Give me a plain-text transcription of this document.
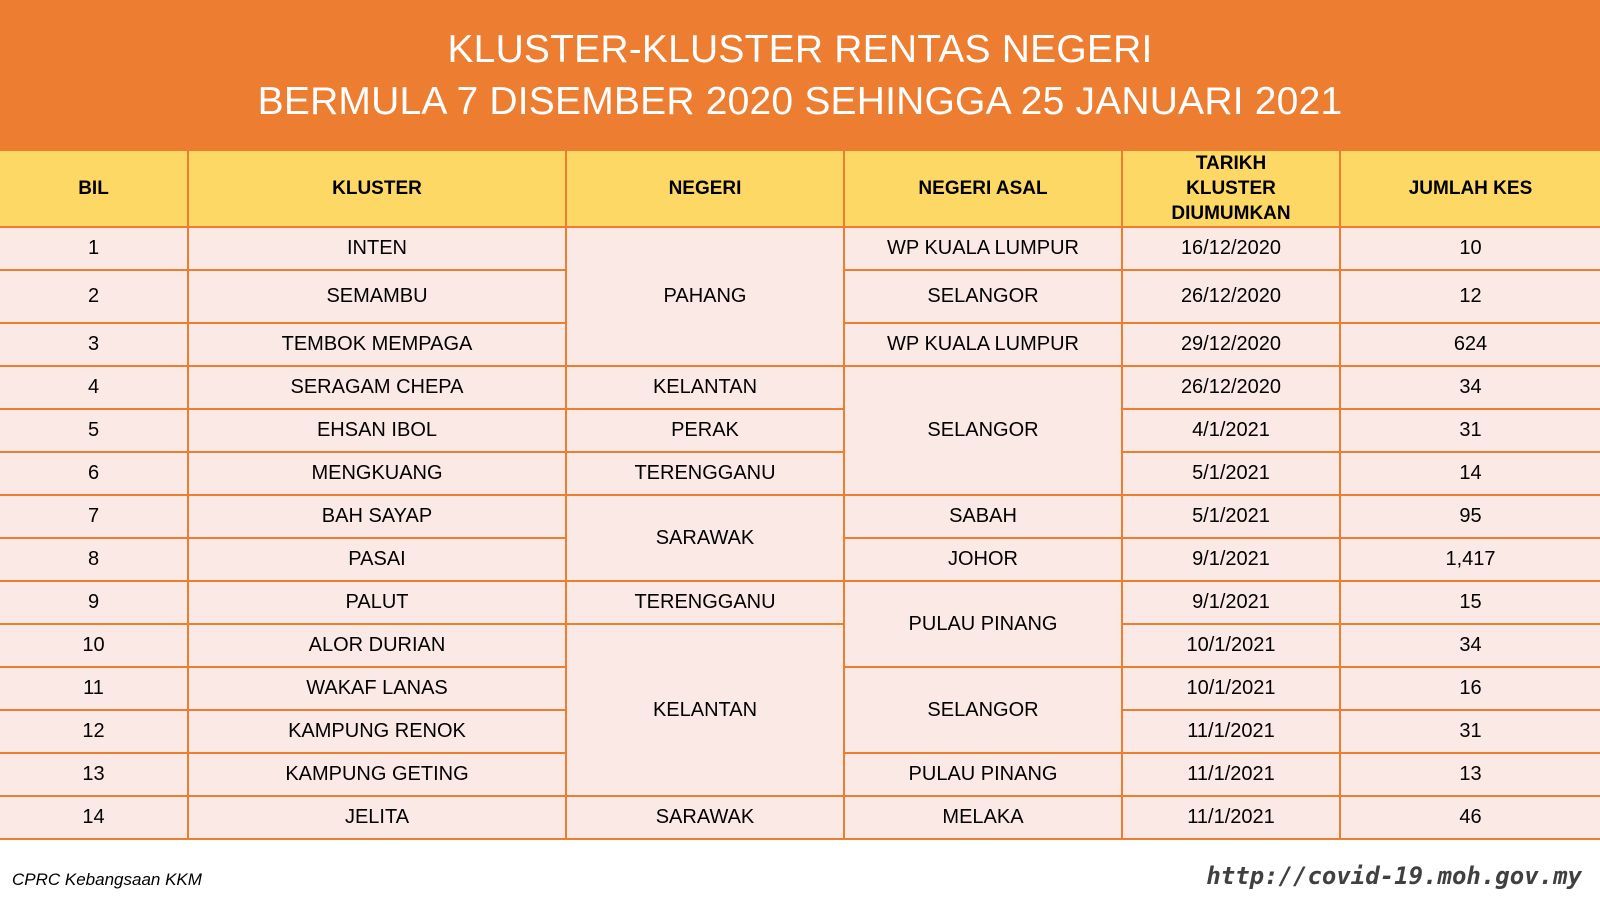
KLUSTER-KLUSTER RENTAS NEGERI
BERMULA 7 DISEMBER 2020 SEHINGGA 25 JANUARI 2021
BIL	KLUSTER	NEGERI	NEGERI ASAL	TARIKH KLUSTER DIUMUMKAN	JUMLAH KES
1	INTEN	PAHANG	WP KUALA LUMPUR	16/12/2020	10
2	SEMAMBU		SELANGOR	26/12/2020	12
3	TEMBOK MEMPAGA		WP KUALA LUMPUR	29/12/2020	624
4	SERAGAM CHEPA	KELANTAN	SELANGOR	26/12/2020	34
5	EHSAN IBOL	PERAK		4/1/2021	31
6	MENGKUANG	TERENGGANU		5/1/2021	14
7	BAH SAYAP	SARAWAK	SABAH	5/1/2021	95
8	PASAI		JOHOR	9/1/2021	1,417
9	PALUT	TERENGGANU	PULAU PINANG	9/1/2021	15
10	ALOR DURIAN	KELANTAN		10/1/2021	34
11	WAKAF LANAS		SELANGOR	10/1/2021	16
12	KAMPUNG RENOK			11/1/2021	31
13	KAMPUNG GETING		PULAU PINANG	11/1/2021	13
14	JELITA	SARAWAK	MELAKA	11/1/2021	46
CPRC Kebangsaan KKM	http://covid-19.moh.gov.my
